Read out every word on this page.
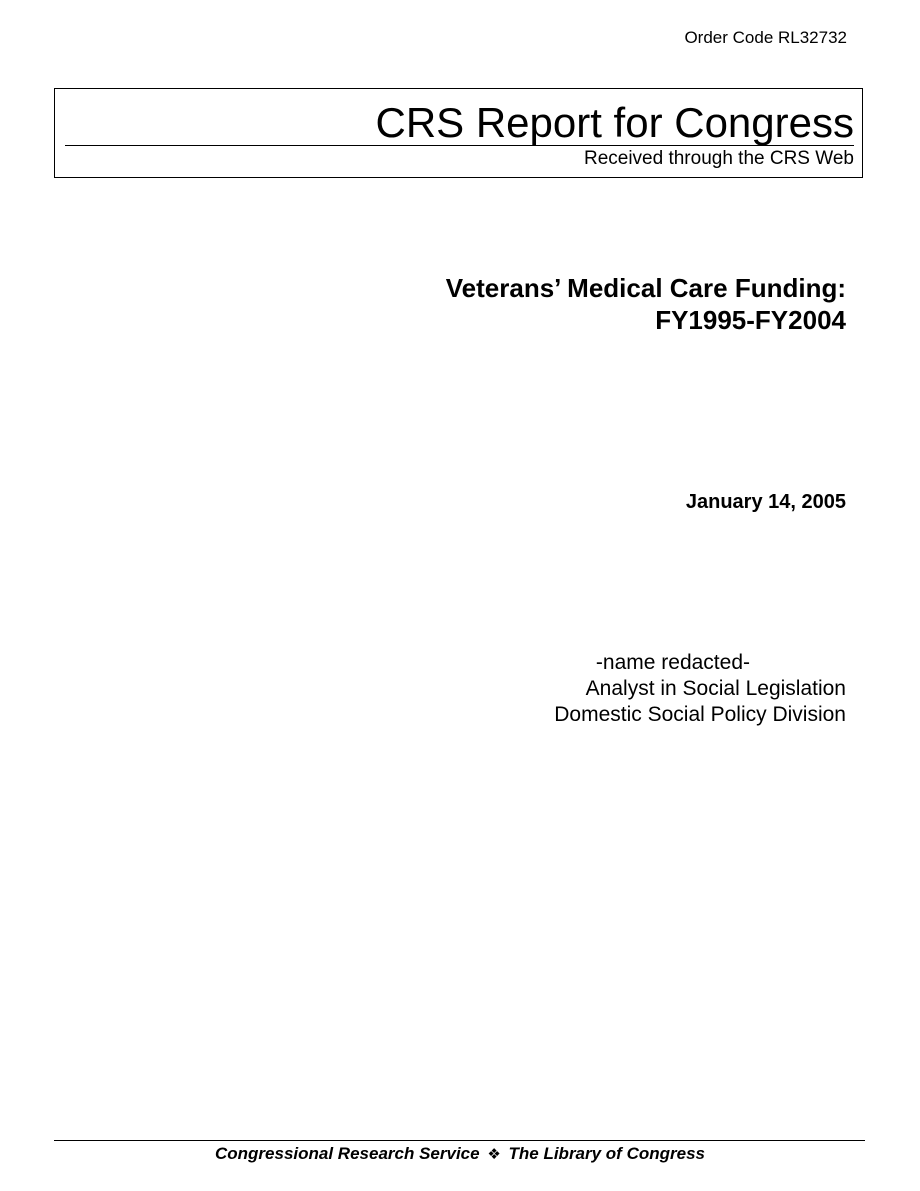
Order Code RL32732
CRS Report for Congress
Received through the CRS Web
Veterans’ Medical Care Funding:
FY1995-FY2004
January 14, 2005
-name redacted-
Analyst in Social Legislation
Domestic Social Policy Division
Congressional Research Service ❖ The Library of Congress
